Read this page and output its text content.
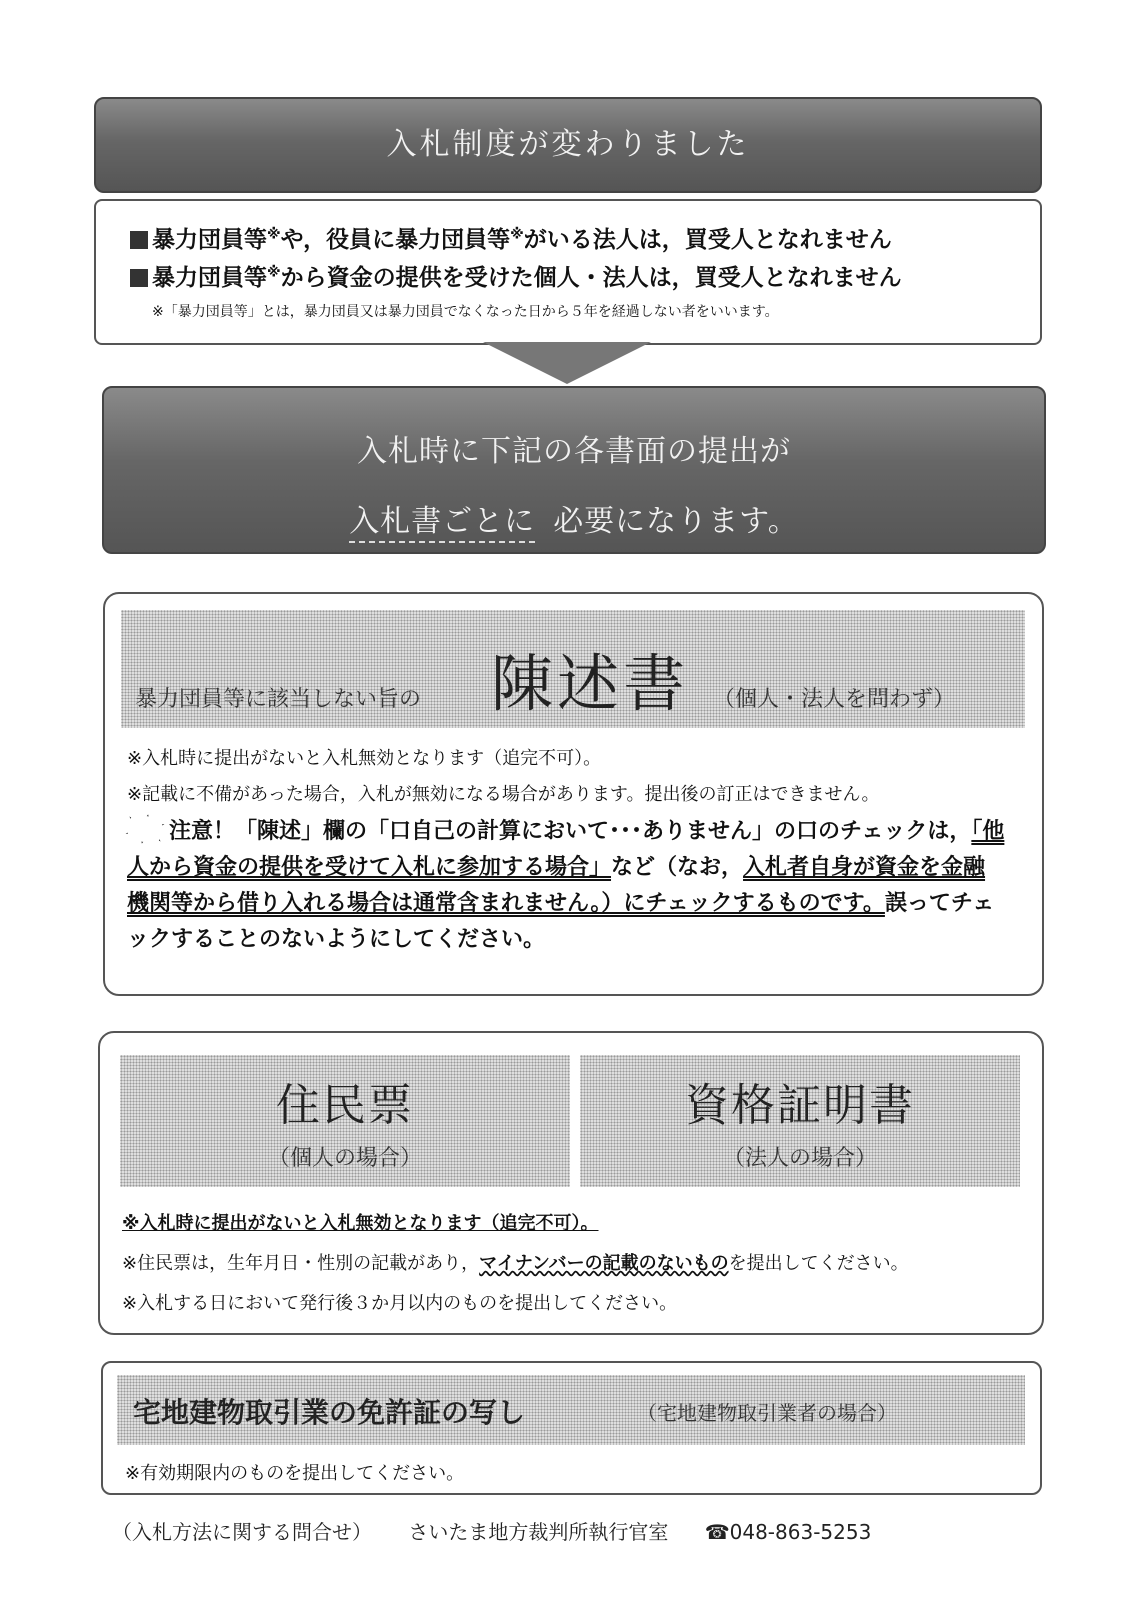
入札制度が変わりました
暴力団員等※や，役員に暴力団員等※がいる法人は，買受人となれません
暴力団員等※から資金の提供を受けた個人・法人は，買受人となれません
※「暴力団員等」とは，暴力団員又は暴力団員でなくなった日から５年を経過しない者をいいます。
入札時に下記の各書面の提出が
入札書ごとに 必要になります。
暴力団員等に該当しない旨の 陳述書 （個人・法人を問わず）
※入札時に提出がないと入札無効となります（追完不可）。
※記載に不備があった場合，入札が無効になる場合があります。提出後の訂正はできません。
注意！「陳述」欄の「口自己の計算において･･･ありません」の口のチェックは，「他人から資金の提供を受けて入札に参加する場合」など（なお，入札者自身が資金を金融機関等から借り入れる場合は通常含まれません。）にチェックするものです。誤ってチェックすることのないようにしてください。
住民票
（個人の場合）
資格証明書
（法人の場合）
※入札時に提出がないと入札無効となります（追完不可）。
※住民票は，生年月日・性別の記載があり，マイナンバーの記載のないものを提出してください。
※入札する日において発行後３か月以内のものを提出してください。
宅地建物取引業の免許証の写し	（宅地建物取引業者の場合）
※有効期限内のものを提出してください。
（入札方法に関する問合せ） さいたま地方裁判所執行官室 ☎048-863-5253
